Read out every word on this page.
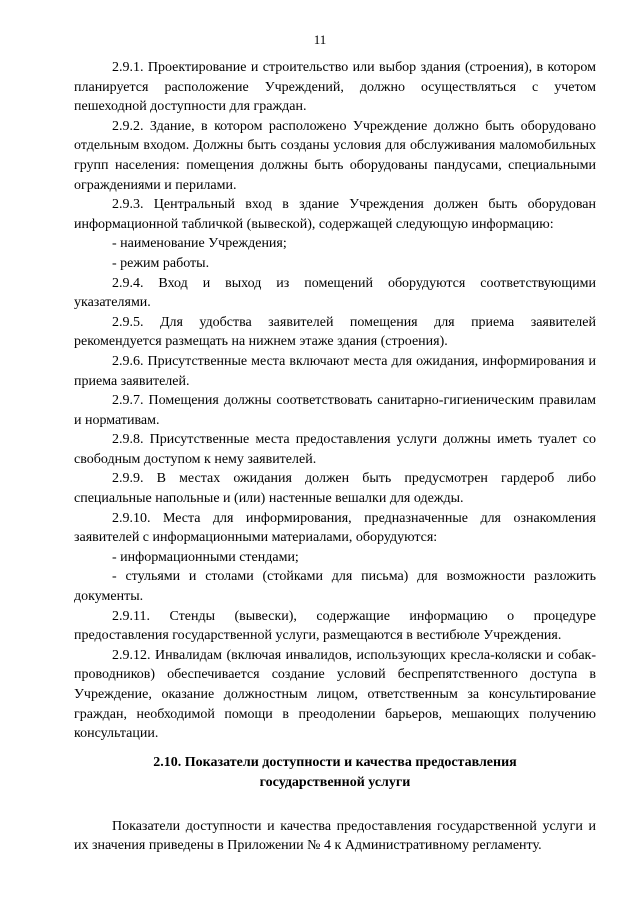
11

2.9.1. Проектирование и строительство или выбор здания (строения), в котором планируется расположение Учреждений, должно осуществляться с учетом пешеходной доступности для граждан.

2.9.2. Здание, в котором расположено Учреждение должно быть оборудовано отдельным входом. Должны быть созданы условия для обслуживания маломобильных групп населения: помещения должны быть оборудованы пандусами, специальными ограждениями и перилами.

2.9.3. Центральный вход в здание Учреждения должен быть оборудован информационной табличкой (вывеской), содержащей следующую информацию:

- наименование Учреждения;

- режим работы.

2.9.4. Вход и выход из помещений оборудуются соответствующими указателями.

2.9.5. Для удобства заявителей помещения для приема заявителей рекомендуется размещать на нижнем этаже здания (строения).

2.9.6. Присутственные места включают места для ожидания, информирования и приема заявителей.

2.9.7. Помещения должны соответствовать санитарно-гигиеническим правилам и нормативам.

2.9.8. Присутственные места предоставления услуги должны иметь туалет со свободным доступом к нему заявителей.

2.9.9. В местах ожидания должен быть предусмотрен гардероб либо специальные напольные и (или) настенные вешалки для одежды.

2.9.10. Места для информирования, предназначенные для ознакомления заявителей с информационными материалами, оборудуются:

- информационными стендами;

- стульями и столами (стойками для письма) для возможности разложить документы.

2.9.11. Стенды (вывески), содержащие информацию о процедуре предоставления государственной услуги, размещаются в вестибюле Учреждения.

2.9.12. Инвалидам (включая инвалидов, использующих кресла-коляски и собак-проводников) обеспечивается создание условий беспрепятственного доступа в Учреждение, оказание должностным лицом, ответственным за консультирование граждан, необходимой помощи в преодолении барьеров, мешающих получению консультации.

2.10. Показатели доступности и качества предоставления
государственной услуги

Показатели доступности и качества предоставления государственной услуги и их значения приведены в Приложении № 4 к Административному регламенту.
